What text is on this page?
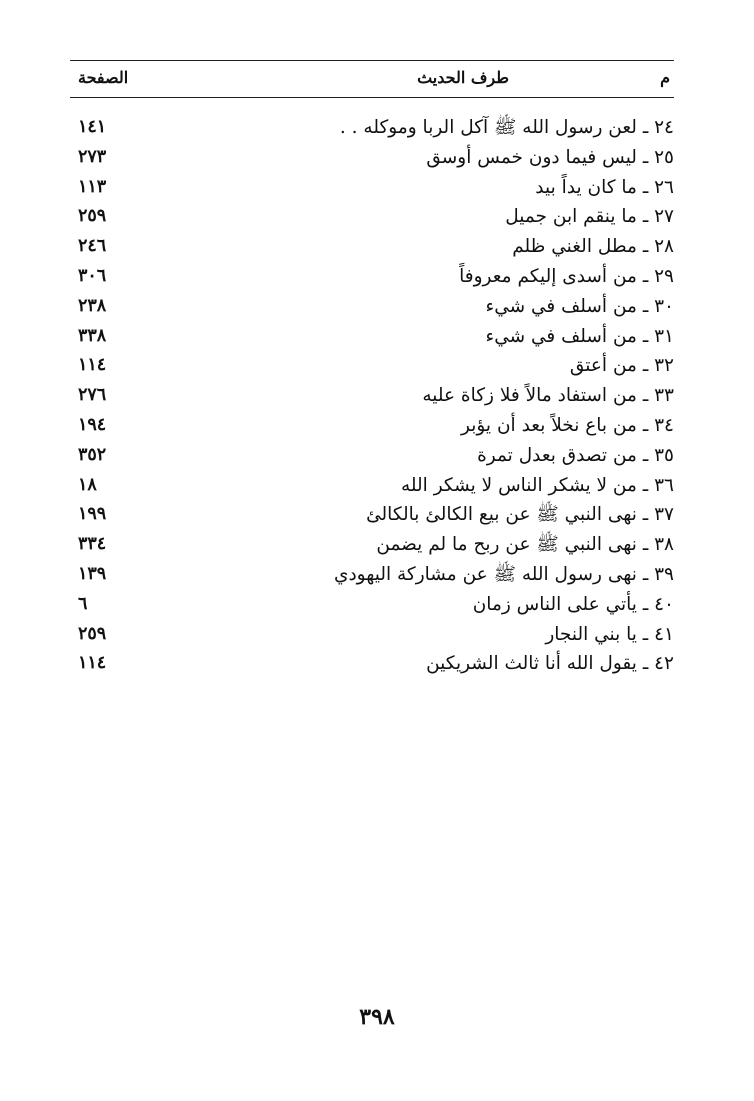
م
طرف الحديث
الصفحة
٢٤ ـ لعن رسول الله ﷺ آكل الربا وموكله . .
١٤١
٢٥ ـ ليس فيما دون خمس أوسق
٢٧٣
٢٦ ـ ما كان يداً بيد
١١٣
٢٧ ـ ما ينقم ابن جميل
٢٥٩
٢٨ ـ مطل الغني ظلم
٢٤٦
٢٩ ـ من أسدى إليكم معروفاً
٣٠٦
٣٠ ـ من أسلف في شيء
٢٣٨
٣١ ـ من أسلف في شيء
٣٣٨
٣٢ ـ من أعتق
١١٤
٣٣ ـ من استفاد مالاً فلا زكاة عليه
٢٧٦
٣٤ ـ من باع نخلاً بعد أن يؤبر
١٩٤
٣٥ ـ من تصدق بعدل تمرة
٣٥٢
٣٦ ـ من لا يشكر الناس لا يشكر الله
١٨
٣٧ ـ نهى النبي ﷺ عن بيع الكالئ بالكالئ
١٩٩
٣٨ ـ نهى النبي ﷺ عن ربح ما لم يضمن
٣٣٤
٣٩ ـ نهى رسول الله ﷺ عن مشاركة اليهودي
١٣٩
٤٠ ـ يأتي على الناس زمان
٦
٤١ ـ يا بني النجار
٢٥٩
٤٢ ـ يقول الله أنا ثالث الشريكين
١١٤
٣٩٨
